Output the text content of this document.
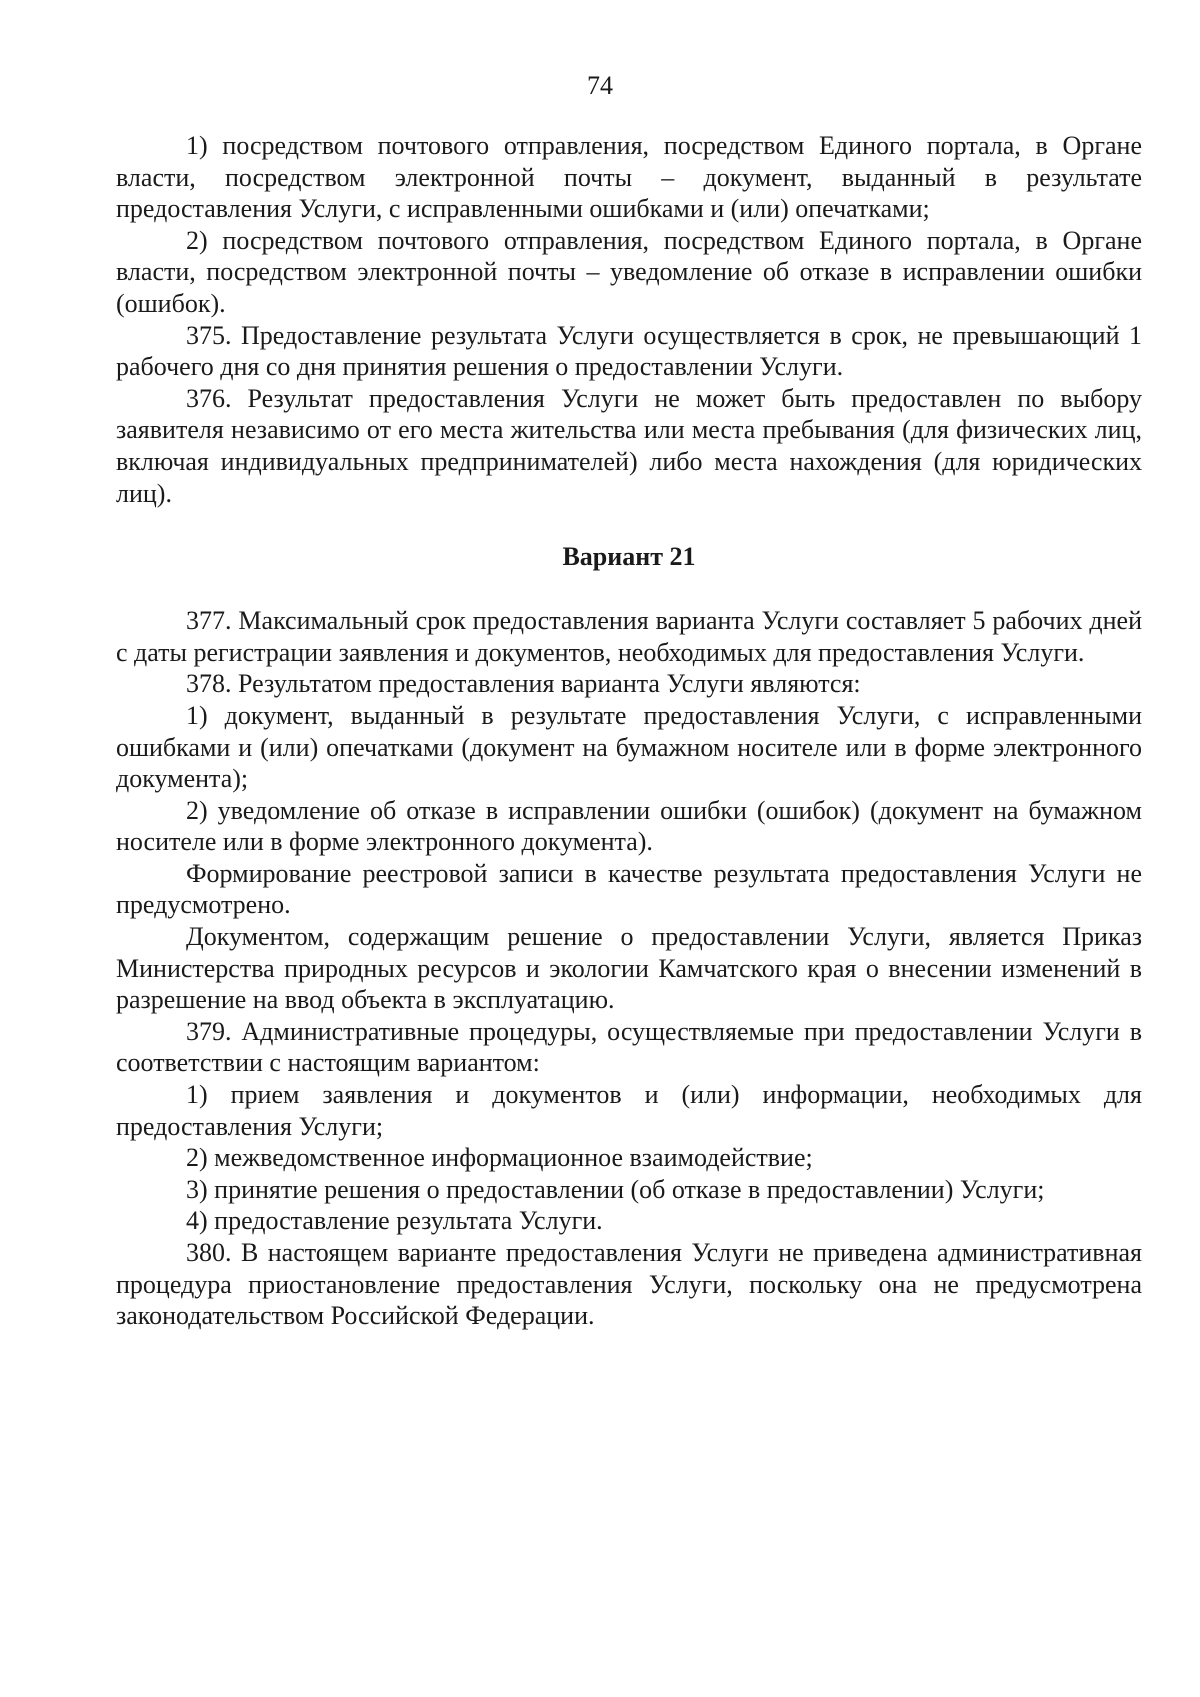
74

1) посредством почтового отправления, посредством Единого портала, в Органе власти, посредством электронной почты – документ, выданный в результате предоставления Услуги, с исправленными ошибками и (или) опечатками;

2) посредством почтового отправления, посредством Единого портала, в Органе власти, посредством электронной почты – уведомление об отказе в исправлении ошибки (ошибок).

375. Предоставление результата Услуги осуществляется в срок, не превышающий 1 рабочего дня со дня принятия решения о предоставлении Услуги.

376. Результат предоставления Услуги не может быть предоставлен по выбору заявителя независимо от его места жительства или места пребывания (для физических лиц, включая индивидуальных предпринимателей) либо места нахождения (для юридических лиц).

Вариант 21

377. Максимальный срок предоставления варианта Услуги составляет 5 рабочих дней с даты регистрации заявления и документов, необходимых для предоставления Услуги.

378. Результатом предоставления варианта Услуги являются:

1) документ, выданный в результате предоставления Услуги, с исправленными ошибками и (или) опечатками (документ на бумажном носителе или в форме электронного документа);

2) уведомление об отказе в исправлении ошибки (ошибок) (документ на бумажном носителе или в форме электронного документа).

Формирование реестровой записи в качестве результата предоставления Услуги не предусмотрено.

Документом, содержащим решение о предоставлении Услуги, является Приказ Министерства природных ресурсов и экологии Камчатского края о внесении изменений в разрешение на ввод объекта в эксплуатацию.

379. Административные процедуры, осуществляемые при предоставлении Услуги в соответствии с настоящим вариантом:

1) прием заявления и документов и (или) информации, необходимых для предоставления Услуги;

2) межведомственное информационное взаимодействие;

3) принятие решения о предоставлении (об отказе в предоставлении) Услуги;

4) предоставление результата Услуги.

380. В настоящем варианте предоставления Услуги не приведена административная процедура приостановление предоставления Услуги, поскольку она не предусмотрена законодательством Российской Федерации.
